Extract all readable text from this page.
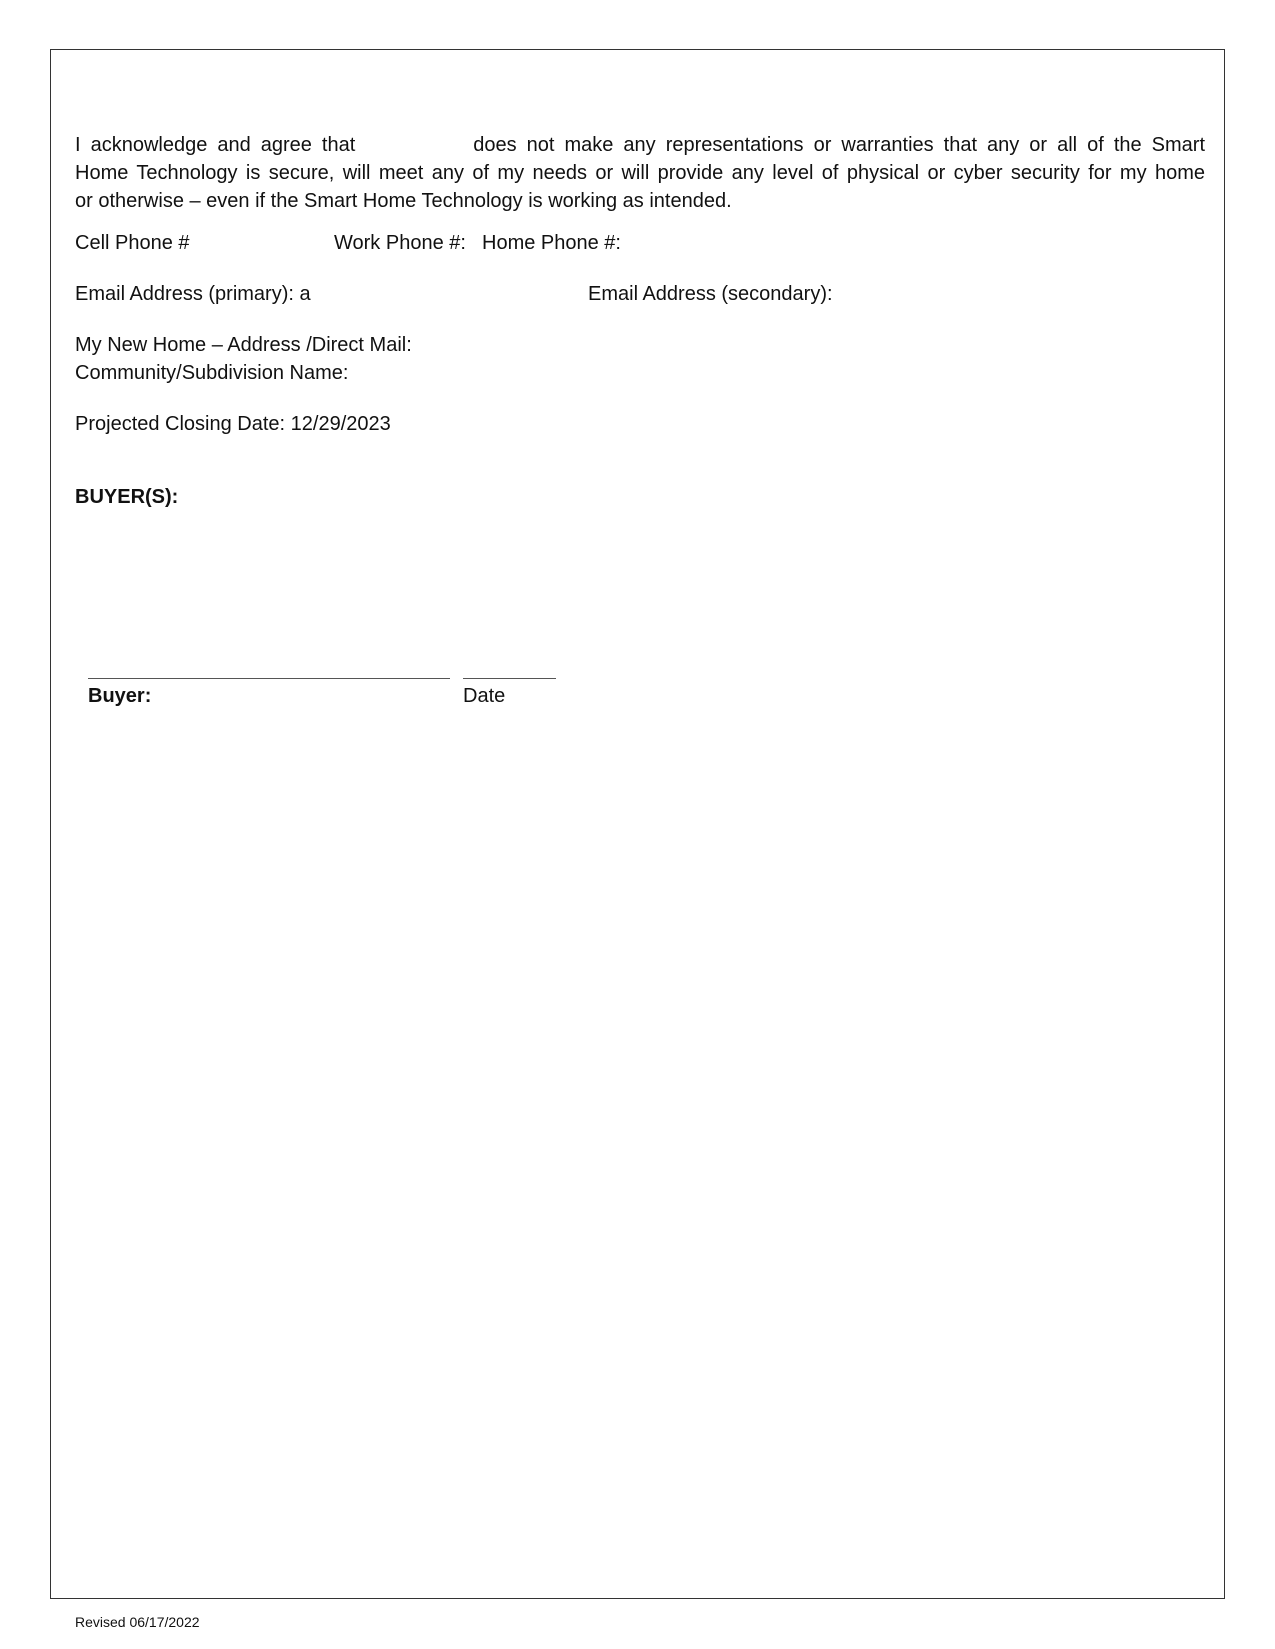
I acknowledge and agree that	does not make any representations or warranties that any or all of the Smart
Home Technology is secure, will meet any of my needs or will provide any level of physical or cyber security for my home
or otherwise – even if the Smart Home Technology is working as intended.
Cell Phone #	Work Phone #: Home Phone #:
Email Address (primary): a	Email Address (secondary):
My New Home – Address /Direct Mail:
Community/Subdivision Name:
Projected Closing Date: 12/29/2023
BUYER(S):
Buyer:	Date
Revised 06/17/2022
